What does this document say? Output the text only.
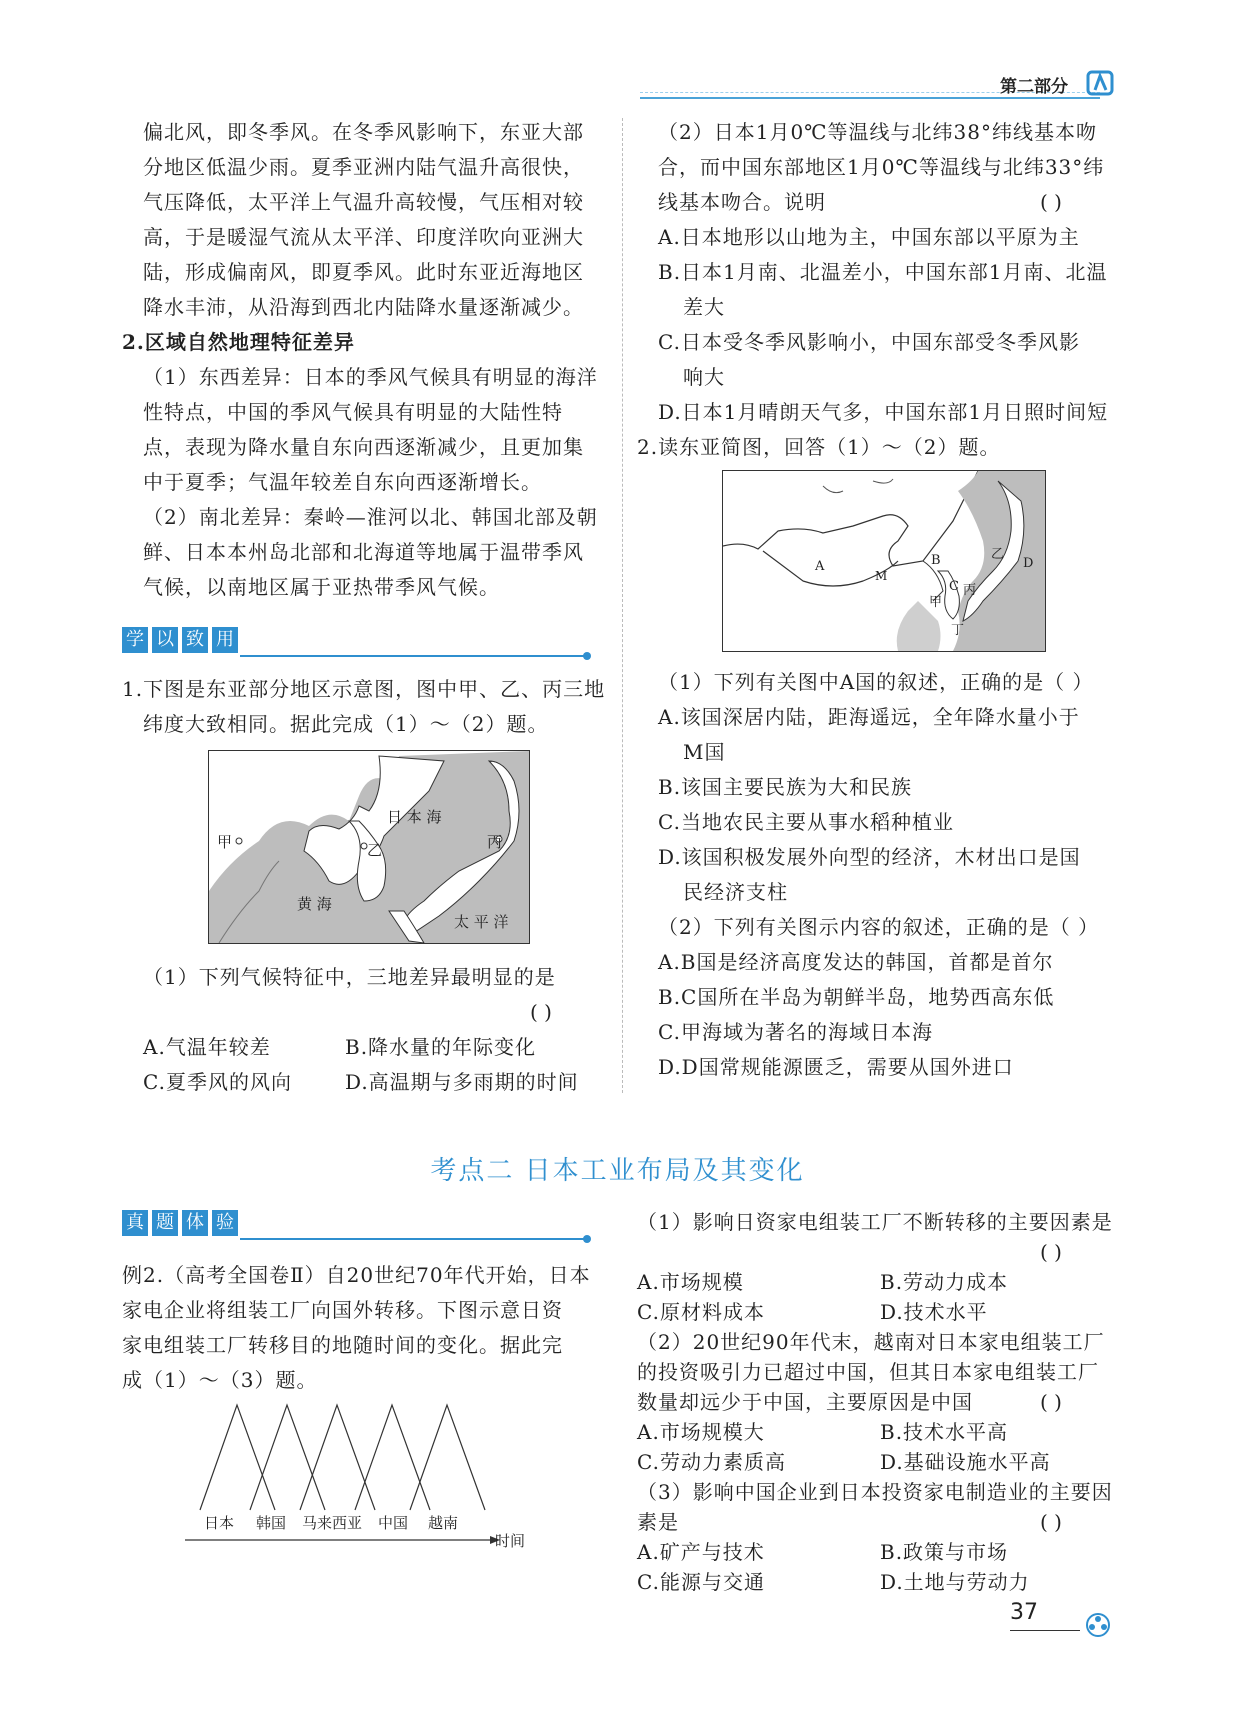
第二部分
偏北风，即冬季风。在冬季风影响下，东亚大部
分地区低温少雨。夏季亚洲内陆气温升高很快，
气压降低，太平洋上气温升高较慢，气压相对较
高，于是暖湿气流从太平洋、印度洋吹向亚洲大
陆，形成偏南风，即夏季风。此时东亚近海地区
降水丰沛，从沿海到西北内陆降水量逐渐减少。
2.区域自然地理特征差异
（1）东西差异：日本的季风气候具有明显的海洋
性特点，中国的季风气候具有明显的大陆性特
点，表现为降水量自东向西逐渐减少，且更加集
中于夏季；气温年较差自东向西逐渐增长。
（2）南北差异：秦岭—淮河以北、韩国北部及朝
鲜、日本本州岛北部和北海道等地属于温带季风
气候，以南地区属于亚热带季风气候。
学 以 致 用
1.下图是东亚部分地区示意图，图中甲、乙、丙三地
纬度大致相同。据此完成（1）～（2）题。
甲	乙	丙
日 本 海
黄 海
太 平 洋
（1）下列气候特征中，三地差异最明显的是
( )
A.气温年较差	B.降水量的年际变化
C.夏季风的风向	D.高温期与多雨期的时间
（2）日本1月0℃等温线与北纬38°纬线基本吻
合，而中国东部地区1月0℃等温线与北纬33°纬
线基本吻合。说明	( )
A.日本地形以山地为主，中国东部以平原为主
B.日本1月南、北温差小，中国东部1月南、北温
差大
C.日本受冬季风影响小，中国东部受冬季风影
响大
D.日本1月晴朗天气多，中国东部1月日照时间短
2.读东亚简图，回答（1）～（2）题。
A
M
B
C
D
乙
丙
甲
丁
（1）下列有关图中A国的叙述，正确的是（ ）
A.该国深居内陆，距海遥远，全年降水量小于
M国
B.该国主要民族为大和民族
C.当地农民主要从事水稻种植业
D.该国积极发展外向型的经济，木材出口是国
民经济支柱
（2）下列有关图示内容的叙述，正确的是（ ）
A.B国是经济高度发达的韩国，首都是首尔
B.C国所在半岛为朝鲜半岛，地势西高东低
C.甲海域为著名的海域日本海
D.D国常规能源匮乏，需要从国外进口
考点二 日本工业布局及其变化
真 题 体 验
例2.（高考全国卷Ⅱ）自20世纪70年代开始，日本
家电企业将组装工厂向国外转移。下图示意日资
家电组装工厂转移目的地随时间的变化。据此完
成（1）～（3）题。
日本 韩国 马来西亚 中国 越南
时间
（1）影响日资家电组装工厂不断转移的主要因素是
( )
A.市场规模	B.劳动力成本
C.原材料成本	D.技术水平
（2）20世纪90年代末，越南对日本家电组装工厂
的投资吸引力已超过中国，但其日本家电组装工厂
数量却远少于中国，主要原因是中国	( )
A.市场规模大	B.技术水平高
C.劳动力素质高	D.基础设施水平高
（3）影响中国企业到日本投资家电制造业的主要因
素是	( )
A.矿产与技术	B.政策与市场
C.能源与交通	D.土地与劳动力
37
